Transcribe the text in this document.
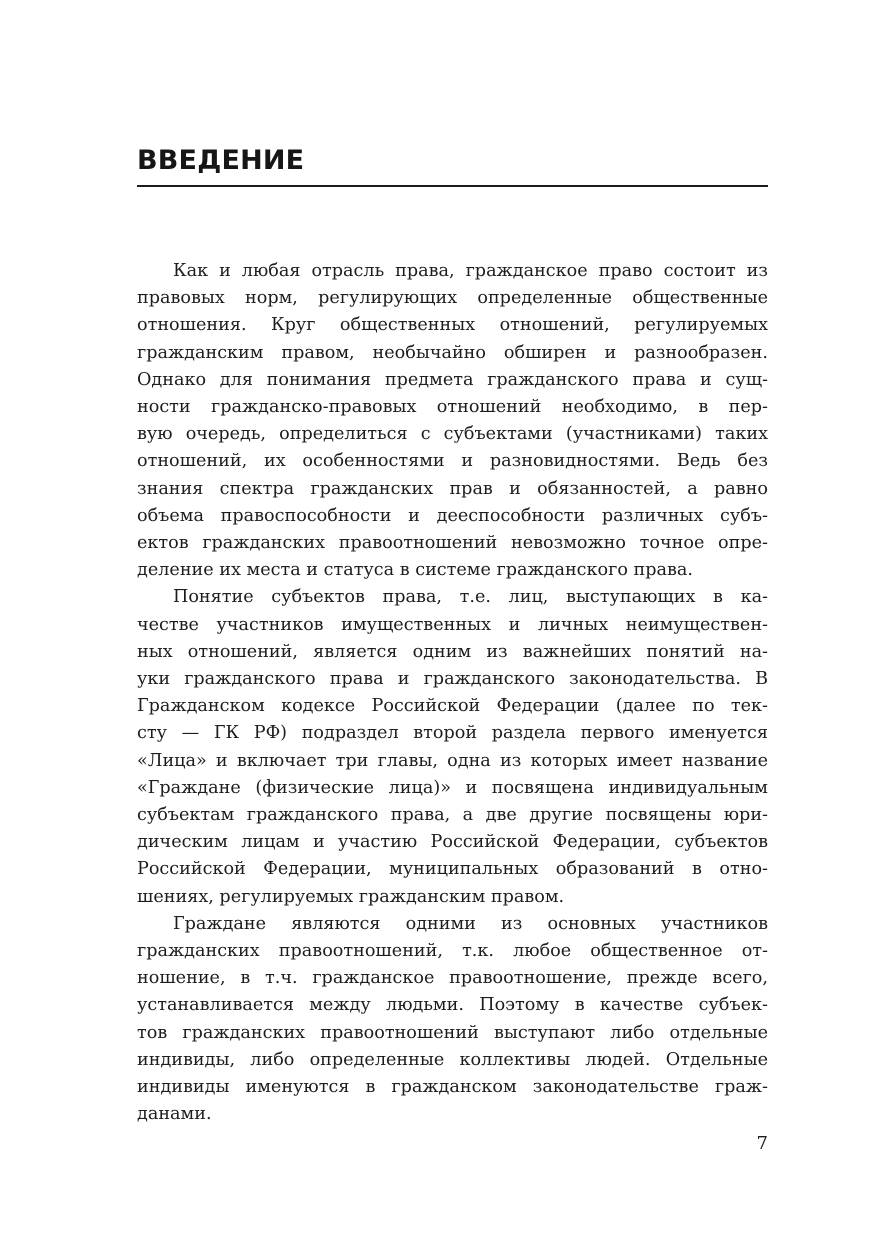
ВВЕДЕНИЕ
Как и любая отрасль права, гражданское право состоит из
правовых норм, регулирующих определенные общественные
отношения. Круг общественных отношений, регулируемых
гражданским правом, необычайно обширен и разнообразен.
Однако для понимания предмета гражданского права и сущ-
ности гражданско-правовых отношений необходимо, в пер-
вую очередь, определиться с субъектами (участниками) таких
отношений, их особенностями и разновидностями. Ведь без
знания спектра гражданских прав и обязанностей, а равно
объема правоспособности и дееспособности различных субъ-
ектов гражданских правоотношений невозможно точное опре-
деление их места и статуса в системе гражданского права.
Понятие субъектов права, т.е. лиц, выступающих в ка-
честве участников имущественных и личных неимуществен-
ных отношений, является одним из важнейших понятий на-
уки гражданского права и гражданского законодательства. В
Гражданском кодексе Российской Федерации (далее по тек-
сту — ГК РФ) подраздел второй раздела первого именуется
«Лица» и включает три главы, одна из которых имеет название
«Граждане (физические лица)» и посвящена индивидуальным
субъектам гражданского права, а две другие посвящены юри-
дическим лицам и участию Российской Федерации, субъектов
Российской Федерации, муниципальных образований в отно-
шениях, регулируемых гражданским правом.
Граждане являются одними из основных участников
гражданских правоотношений, т.к. любое общественное от-
ношение, в т.ч. гражданское правоотношение, прежде всего,
устанавливается между людьми. Поэтому в качестве субъек-
тов гражданских правоотношений выступают либо отдельные
индивиды, либо определенные коллективы людей. Отдельные
индивиды именуются в гражданском законодательстве граж-
данами.
7
